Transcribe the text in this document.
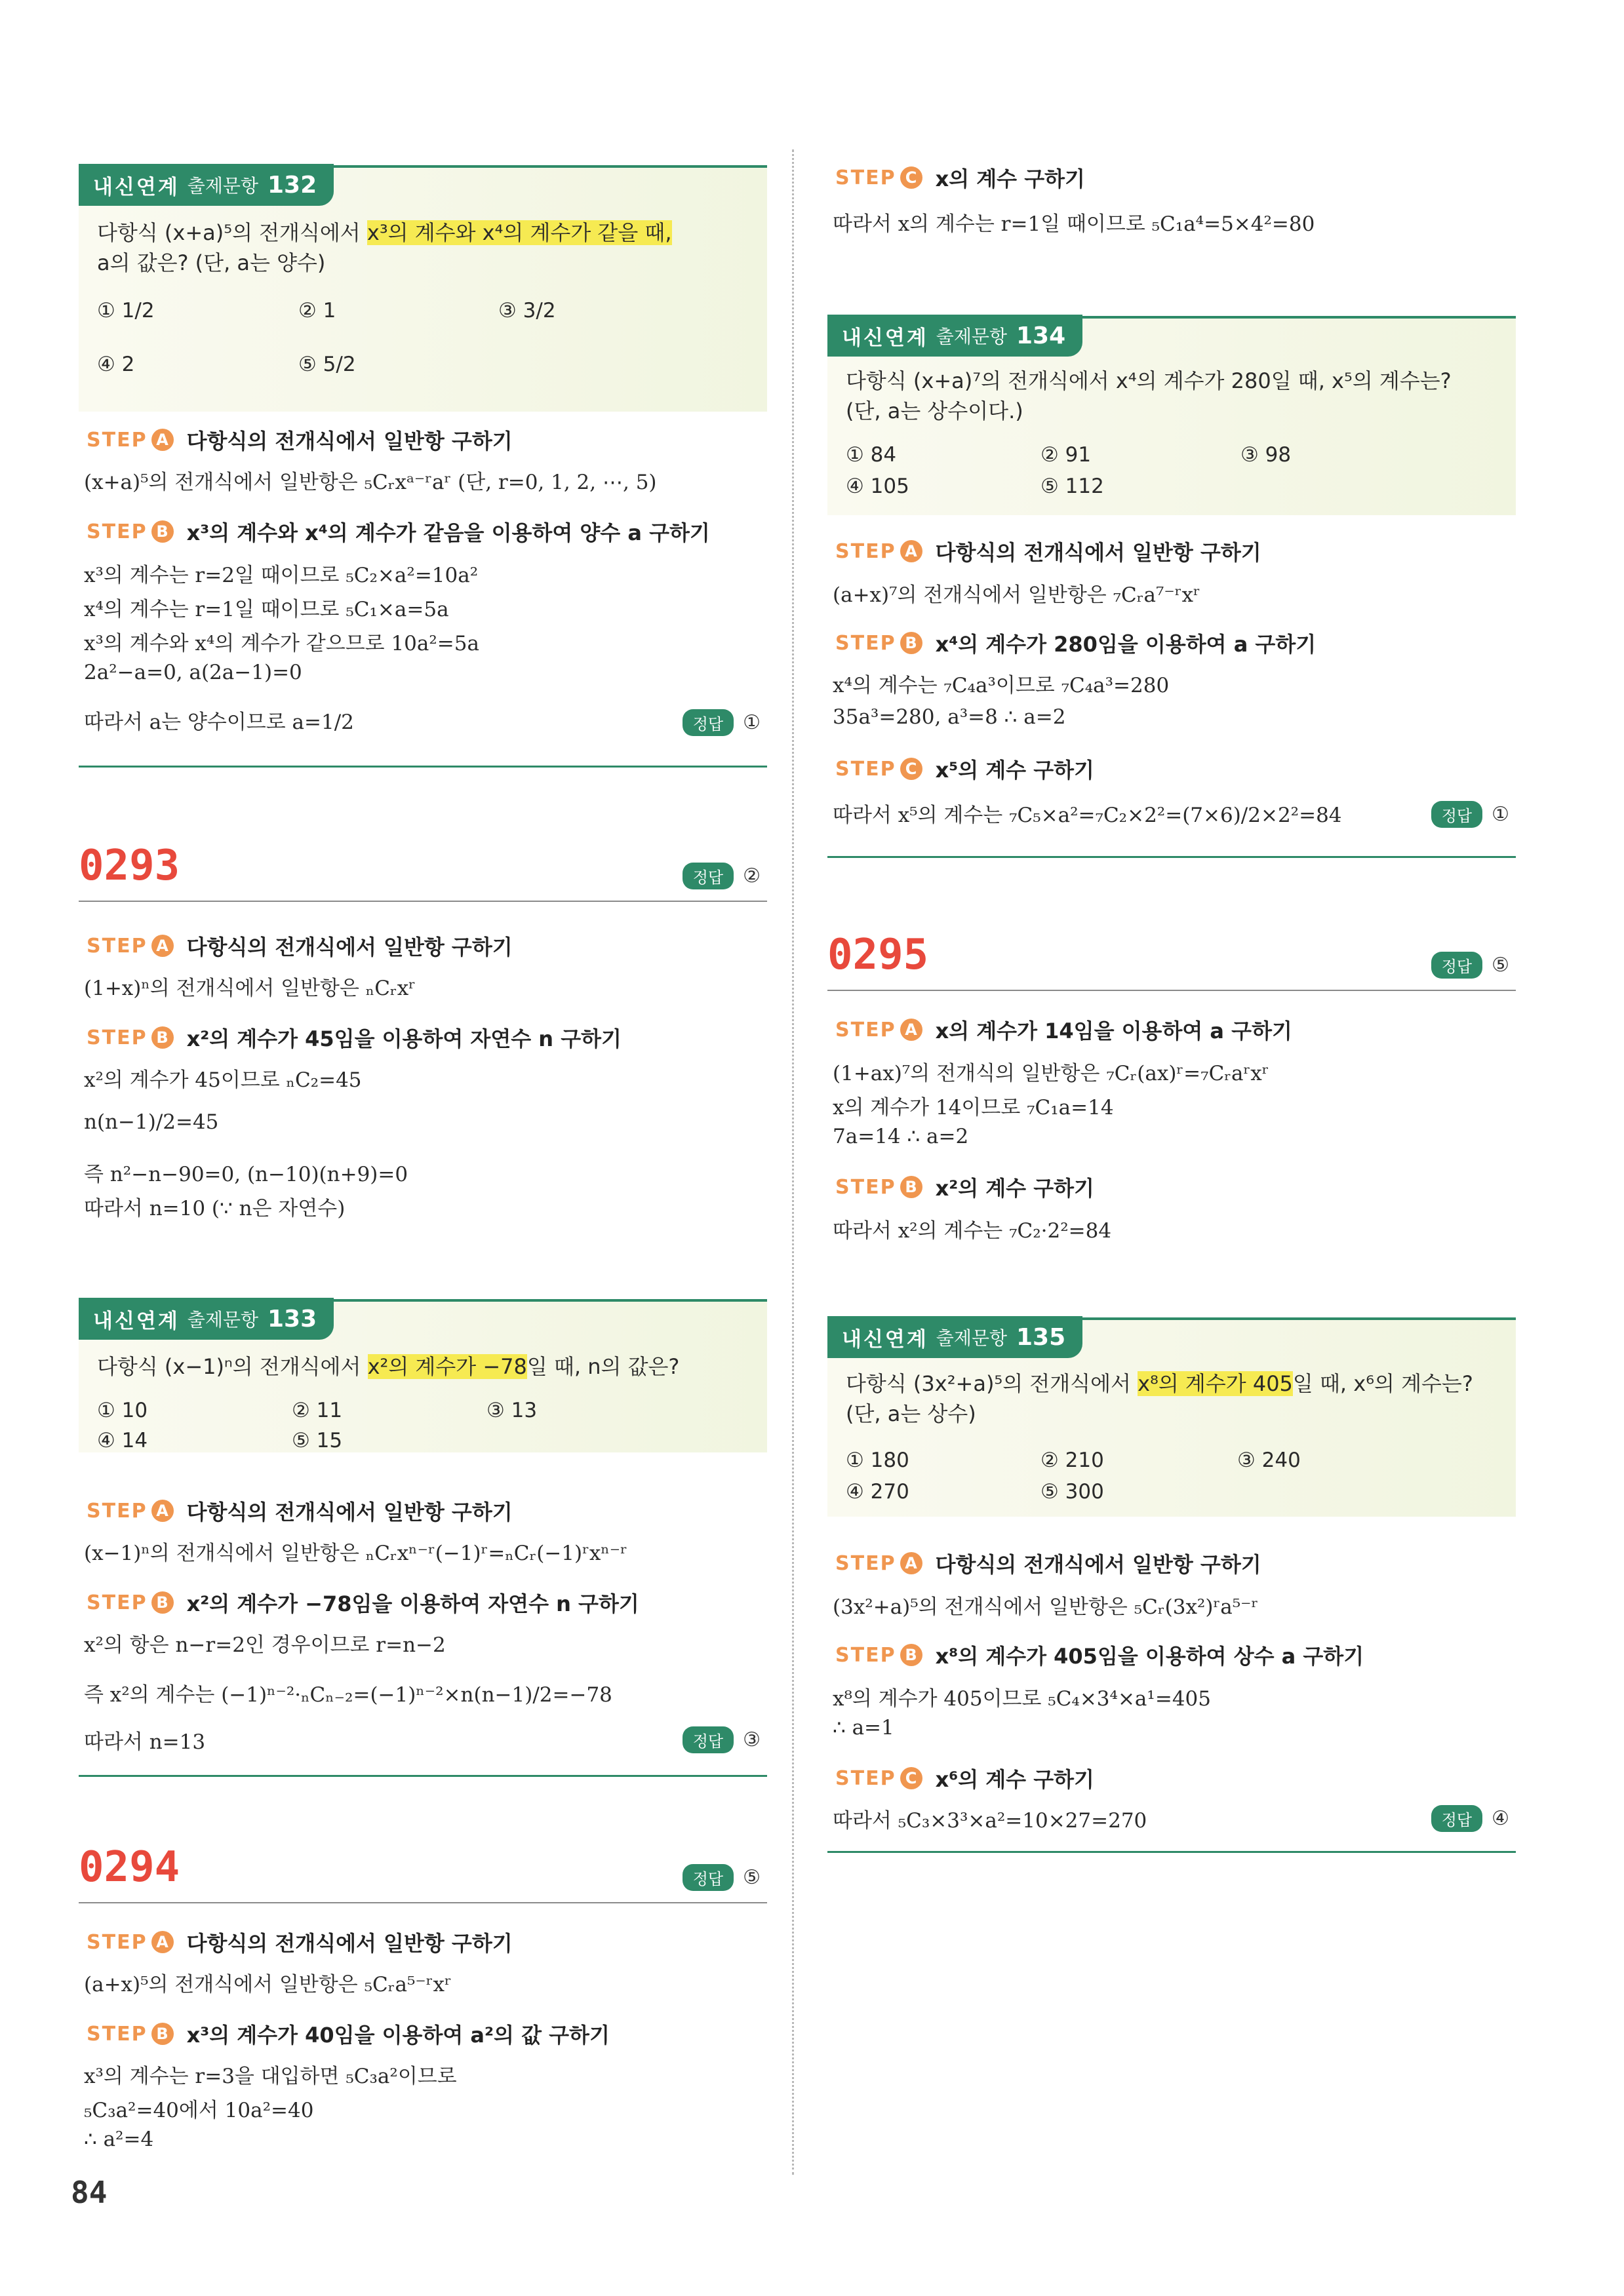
내신연계 출제문항 132
다항식 (x+a)⁵의 전개식에서 x³의 계수와 x⁴의 계수가 같을 때,
a의 값은? (단, a는 양수)
① 1/2	② 1	③ 3/2
④ 2	⑤ 5/2
STEP A 다항식의 전개식에서 일반항 구하기
(x+a)⁵의 전개식에서 일반항은 ₅Cᵣxᵃ⁻ʳaʳ (단, r=0, 1, 2, ⋯, 5)
STEP B x³의 계수와 x⁴의 계수가 같음을 이용하여 양수 a 구하기
x³의 계수는 r=2일 때이므로 ₅C₂×a²=10a²
x⁴의 계수는 r=1일 때이므로 ₅C₁×a=5a
x³의 계수와 x⁴의 계수가 같으므로 10a²=5a
2a²−a=0, a(2a−1)=0
따라서 a는 양수이므로 a=1/2	정답	①
0293	정답	②
STEP A 다항식의 전개식에서 일반항 구하기
(1+x)ⁿ의 전개식에서 일반항은 ₙCᵣxʳ
STEP B x²의 계수가 45임을 이용하여 자연수 n 구하기
x²의 계수가 45이므로 ₙC₂=45
n(n−1)/2=45
즉 n²−n−90=0, (n−10)(n+9)=0
따라서 n=10 (∵ n은 자연수)
내신연계 출제문항 133
다항식 (x−1)ⁿ의 전개식에서 x²의 계수가 −78일 때, n의 값은?
① 10	② 11	③ 13
④ 14	⑤ 15
STEP A 다항식의 전개식에서 일반항 구하기
(x−1)ⁿ의 전개식에서 일반항은 ₙCᵣxⁿ⁻ʳ(−1)ʳ=ₙCᵣ(−1)ʳxⁿ⁻ʳ
STEP B x²의 계수가 −78임을 이용하여 자연수 n 구하기
x²의 항은 n−r=2인 경우이므로 r=n−2
즉 x²의 계수는 (−1)ⁿ⁻²·ₙCₙ₋₂=(−1)ⁿ⁻²×n(n−1)/2=−78
따라서 n=13	정답	③
0294	정답	⑤
STEP A 다항식의 전개식에서 일반항 구하기
(a+x)⁵의 전개식에서 일반항은 ₅Cᵣa⁵⁻ʳxʳ
STEP B x³의 계수가 40임을 이용하여 a²의 값 구하기
x³의 계수는 r=3을 대입하면 ₅C₃a²이므로
₅C₃a²=40에서 10a²=40
∴ a²=4
STEP C x의 계수 구하기
따라서 x의 계수는 r=1일 때이므로 ₅C₁a⁴=5×4²=80
내신연계 출제문항 134
다항식 (x+a)⁷의 전개식에서 x⁴의 계수가 280일 때, x⁵의 계수는?
(단, a는 상수이다.)
① 84	② 91	③ 98
④ 105	⑤ 112
STEP A 다항식의 전개식에서 일반항 구하기
(a+x)⁷의 전개식에서 일반항은 ₇Cᵣa⁷⁻ʳxʳ
STEP B x⁴의 계수가 280임을 이용하여 a 구하기
x⁴의 계수는 ₇C₄a³이므로 ₇C₄a³=280
35a³=280, a³=8 ∴ a=2
STEP C x⁵의 계수 구하기
따라서 x⁵의 계수는 ₇C₅×a²=₇C₂×2²=(7×6)/2×2²=84	정답	①
0295	정답	⑤
STEP A x의 계수가 14임을 이용하여 a 구하기
(1+ax)⁷의 전개식의 일반항은 ₇Cᵣ(ax)ʳ=₇Cᵣaʳxʳ
x의 계수가 14이므로 ₇C₁a=14
7a=14 ∴ a=2
STEP B x²의 계수 구하기
따라서 x²의 계수는 ₇C₂·2²=84
내신연계 출제문항 135
다항식 (3x²+a)⁵의 전개식에서 x⁸의 계수가 405일 때, x⁶의 계수는?
(단, a는 상수)
① 180	② 210	③ 240
④ 270	⑤ 300
STEP A 다항식의 전개식에서 일반항 구하기
(3x²+a)⁵의 전개식에서 일반항은 ₅Cᵣ(3x²)ʳa⁵⁻ʳ
STEP B x⁸의 계수가 405임을 이용하여 상수 a 구하기
x⁸의 계수가 405이므로 ₅C₄×3⁴×a¹=405
∴ a=1
STEP C x⁶의 계수 구하기
따라서 ₅C₃×3³×a²=10×27=270	정답	④
84
